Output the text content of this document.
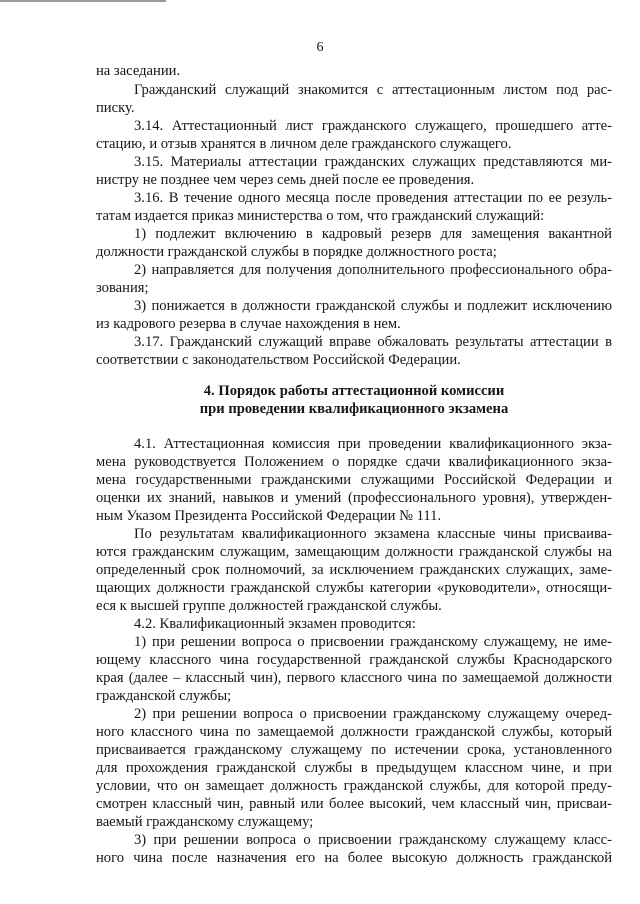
6
на заседании.
Гражданский служащий знакомится с аттестационным листом под рас-
писку.
3.14. Аттестационный лист гражданского служащего, прошедшего атте-
стацию, и отзыв хранятся в личном деле гражданского служащего.
3.15. Материалы аттестации гражданских служащих представляются ми-
нистру не позднее чем через семь дней после ее проведения.
3.16. В течение одного месяца после проведения аттестации по ее резуль-
татам издается приказ министерства о том, что гражданский служащий:
1) подлежит включению в кадровый резерв для замещения вакантной
должности гражданской службы в порядке должностного роста;
2) направляется для получения дополнительного профессионального обра-
зования;
3) понижается в должности гражданской службы и подлежит исключению
из кадрового резерва в случае нахождения в нем.
3.17. Гражданский служащий вправе обжаловать результаты аттестации в
соответствии с законодательством Российской Федерации.
4. Порядок работы аттестационной комиссии
при проведении квалификационного экзамена
4.1. Аттестационная комиссия при проведении квалификационного экза-
мена руководствуется Положением о порядке сдачи квалификационного экза-
мена государственными гражданскими служащими Российской Федерации и
оценки их знаний, навыков и умений (профессионального уровня), утвержден-
ным Указом Президента Российской Федерации № 111.
По результатам квалификационного экзамена классные чины присваива-
ются гражданским служащим, замещающим должности гражданской службы на
определенный срок полномочий, за исключением гражданских служащих, заме-
щающих должности гражданской службы категории «руководители», относящи-
еся к высшей группе должностей гражданской службы.
4.2. Квалификационный экзамен проводится:
1) при решении вопроса о присвоении гражданскому служащему, не име-
ющему классного чина государственной гражданской службы Краснодарского
края (далее – классный чин), первого классного чина по замещаемой должности
гражданской службы;
2) при решении вопроса о присвоении гражданскому служащему очеред-
ного классного чина по замещаемой должности гражданской службы, который
присваивается гражданскому служащему по истечении срока, установленного
для прохождения гражданской службы в предыдущем классном чине, и при
условии, что он замещает должность гражданской службы, для которой преду-
смотрен классный чин, равный или более высокий, чем классный чин, присваи-
ваемый гражданскому служащему;
3) при решении вопроса о присвоении гражданскому служащему класс-
ного чина после назначения его на более высокую должность гражданской
